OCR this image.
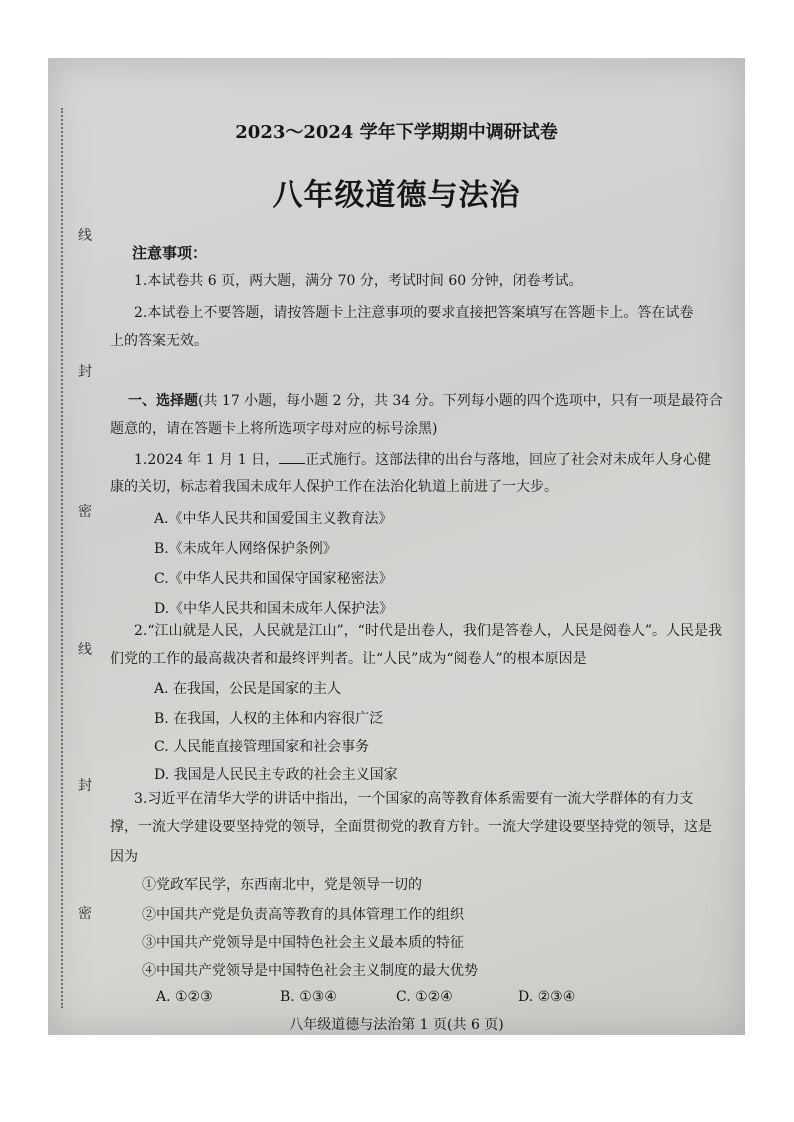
线
封
密
线
封
密
2023～2024 学年下学期期中调研试卷
八年级道德与法治
注意事项：
1.本试卷共 6 页，两大题，满分 70 分，考试时间 60 分钟，闭卷考试。
2.本试卷上不要答题，请按答题卡上注意事项的要求直接把答案填写在答题卡上。答在试卷
上的答案无效。
一、选择题(共 17 小题，每小题 2 分，共 34 分。下列每小题的四个选项中，只有一项是最符合
题意的，请在答题卡上将所选项字母对应的标号涂黑)
1.2024 年 1 月 1 日， 正式施行。这部法律的出台与落地，回应了社会对未成年人身心健
康的关切，标志着我国未成年人保护工作在法治化轨道上前进了一大步。
A.《中华人民共和国爱国主义教育法》
B.《未成年人网络保护条例》
C.《中华人民共和国保守国家秘密法》
D.《中华人民共和国未成年人保护法》
2.“江山就是人民，人民就是江山”，“时代是出卷人，我们是答卷人，人民是阅卷人”。人民是我
们党的工作的最高裁决者和最终评判者。让“人民”成为“阅卷人”的根本原因是
A. 在我国，公民是国家的主人
B. 在我国，人权的主体和内容很广泛
C. 人民能直接管理国家和社会事务
D. 我国是人民民主专政的社会主义国家
3.习近平在清华大学的讲话中指出，一个国家的高等教育体系需要有一流大学群体的有力支
撑，一流大学建设要坚持党的领导，全面贯彻党的教育方针。一流大学建设要坚持党的领导，这是
因为
①党政军民学，东西南北中，党是领导一切的
②中国共产党是负责高等教育的具体管理工作的组织
③中国共产党领导是中国特色社会主义最本质的特征
④中国共产党领导是中国特色社会主义制度的最大优势
A. ①②③	B. ①③④	C. ①②④	D. ②③④
八年级道德与法治第 1 页(共 6 页)
